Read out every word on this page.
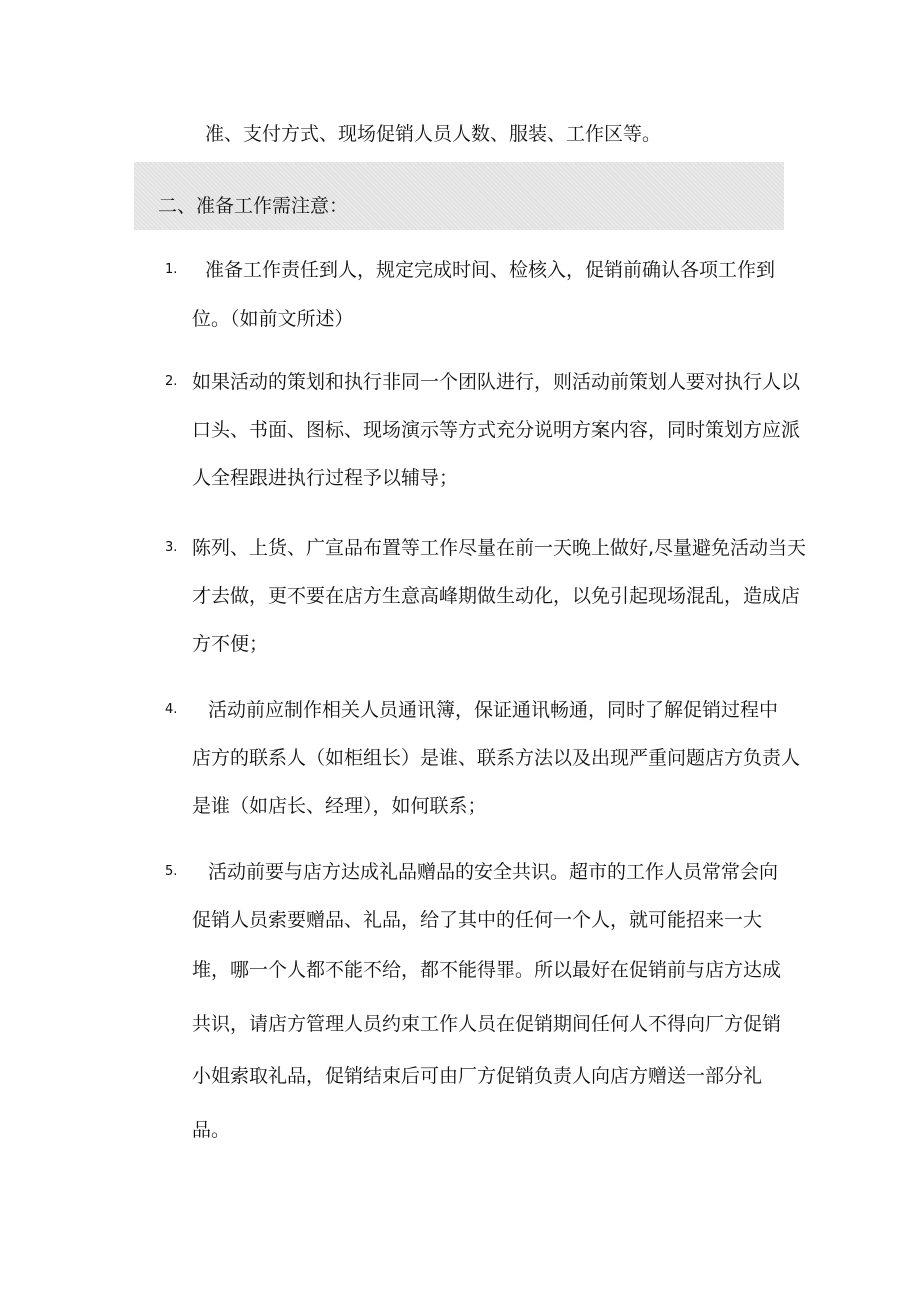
准、支付方式、现场促销人员人数、服装、工作区等。
二、准备工作需注意：
1. 准备工作责任到人，规定完成时间、检核入，促销前确认各项工作到
位。（如前文所述）
2. 如果活动的策划和执行非同一个团队进行，则活动前策划人要对执行人以
口头、书面、图标、现场演示等方式充分说明方案内容，同时策划方应派
人全程跟进执行过程予以辅导；
3. 陈列、上货、广宣品布置等工作尽量在前一天晚上做好,尽量避免活动当天
才去做，更不要在店方生意高峰期做生动化，以免引起现场混乱，造成店
方不便；
4. 活动前应制作相关人员通讯簿，保证通讯畅通，同时了解促销过程中
店方的联系人（如柜组长）是谁、联系方法以及出现严重问题店方负责人
是谁（如店长、经理），如何联系；
5. 活动前要与店方达成礼品赠品的安全共识。超市的工作人员常常会向
促销人员索要赠品、礼品，给了其中的任何一个人，就可能招来一大
堆，哪一个人都不能不给，都不能得罪。所以最好在促销前与店方达成
共识，请店方管理人员约束工作人员在促销期间任何人不得向厂方促销
小姐索取礼品，促销结束后可由厂方促销负责人向店方赠送一部分礼
品。
